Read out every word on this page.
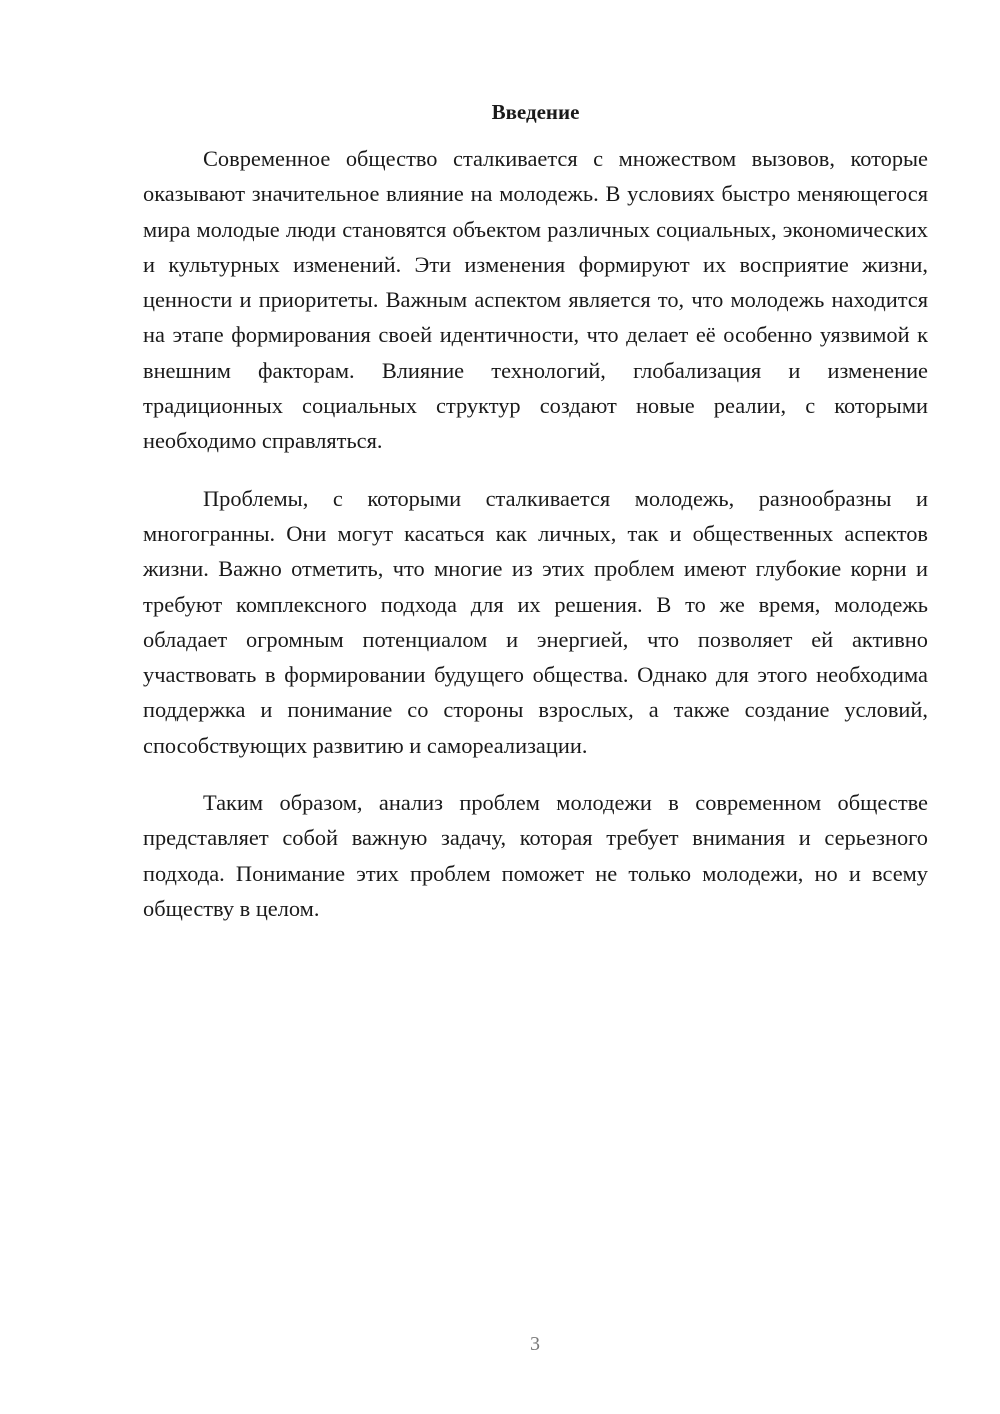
Введение

Современное общество сталкивается с множеством вызовов, которые оказывают значительное влияние на молодежь. В условиях быстро меняющегося мира молодые люди становятся объектом различных социальных, экономических и культурных изменений. Эти изменения формируют их восприятие жизни, ценности и приоритеты. Важным аспектом является то, что молодежь находится на этапе формирования своей идентичности, что делает её особенно уязвимой к внешним факторам. Влияние технологий, глобализация и изменение традиционных социальных структур создают новые реалии, с которыми необходимо справляться.

Проблемы, с которыми сталкивается молодежь, разнообразны и многогранны. Они могут касаться как личных, так и общественных аспектов жизни. Важно отметить, что многие из этих проблем имеют глубокие корни и требуют комплексного подхода для их решения. В то же время, молодежь обладает огромным потенциалом и энергией, что позволяет ей активно участвовать в формировании будущего общества. Однако для этого необходима поддержка и понимание со стороны взрослых, а также создание условий, способствующих развитию и самореализации.

Таким образом, анализ проблем молодежи в современном обществе представляет собой важную задачу, которая требует внимания и серьезного подхода. Понимание этих проблем поможет не только молодежи, но и всему обществу в целом.

3
